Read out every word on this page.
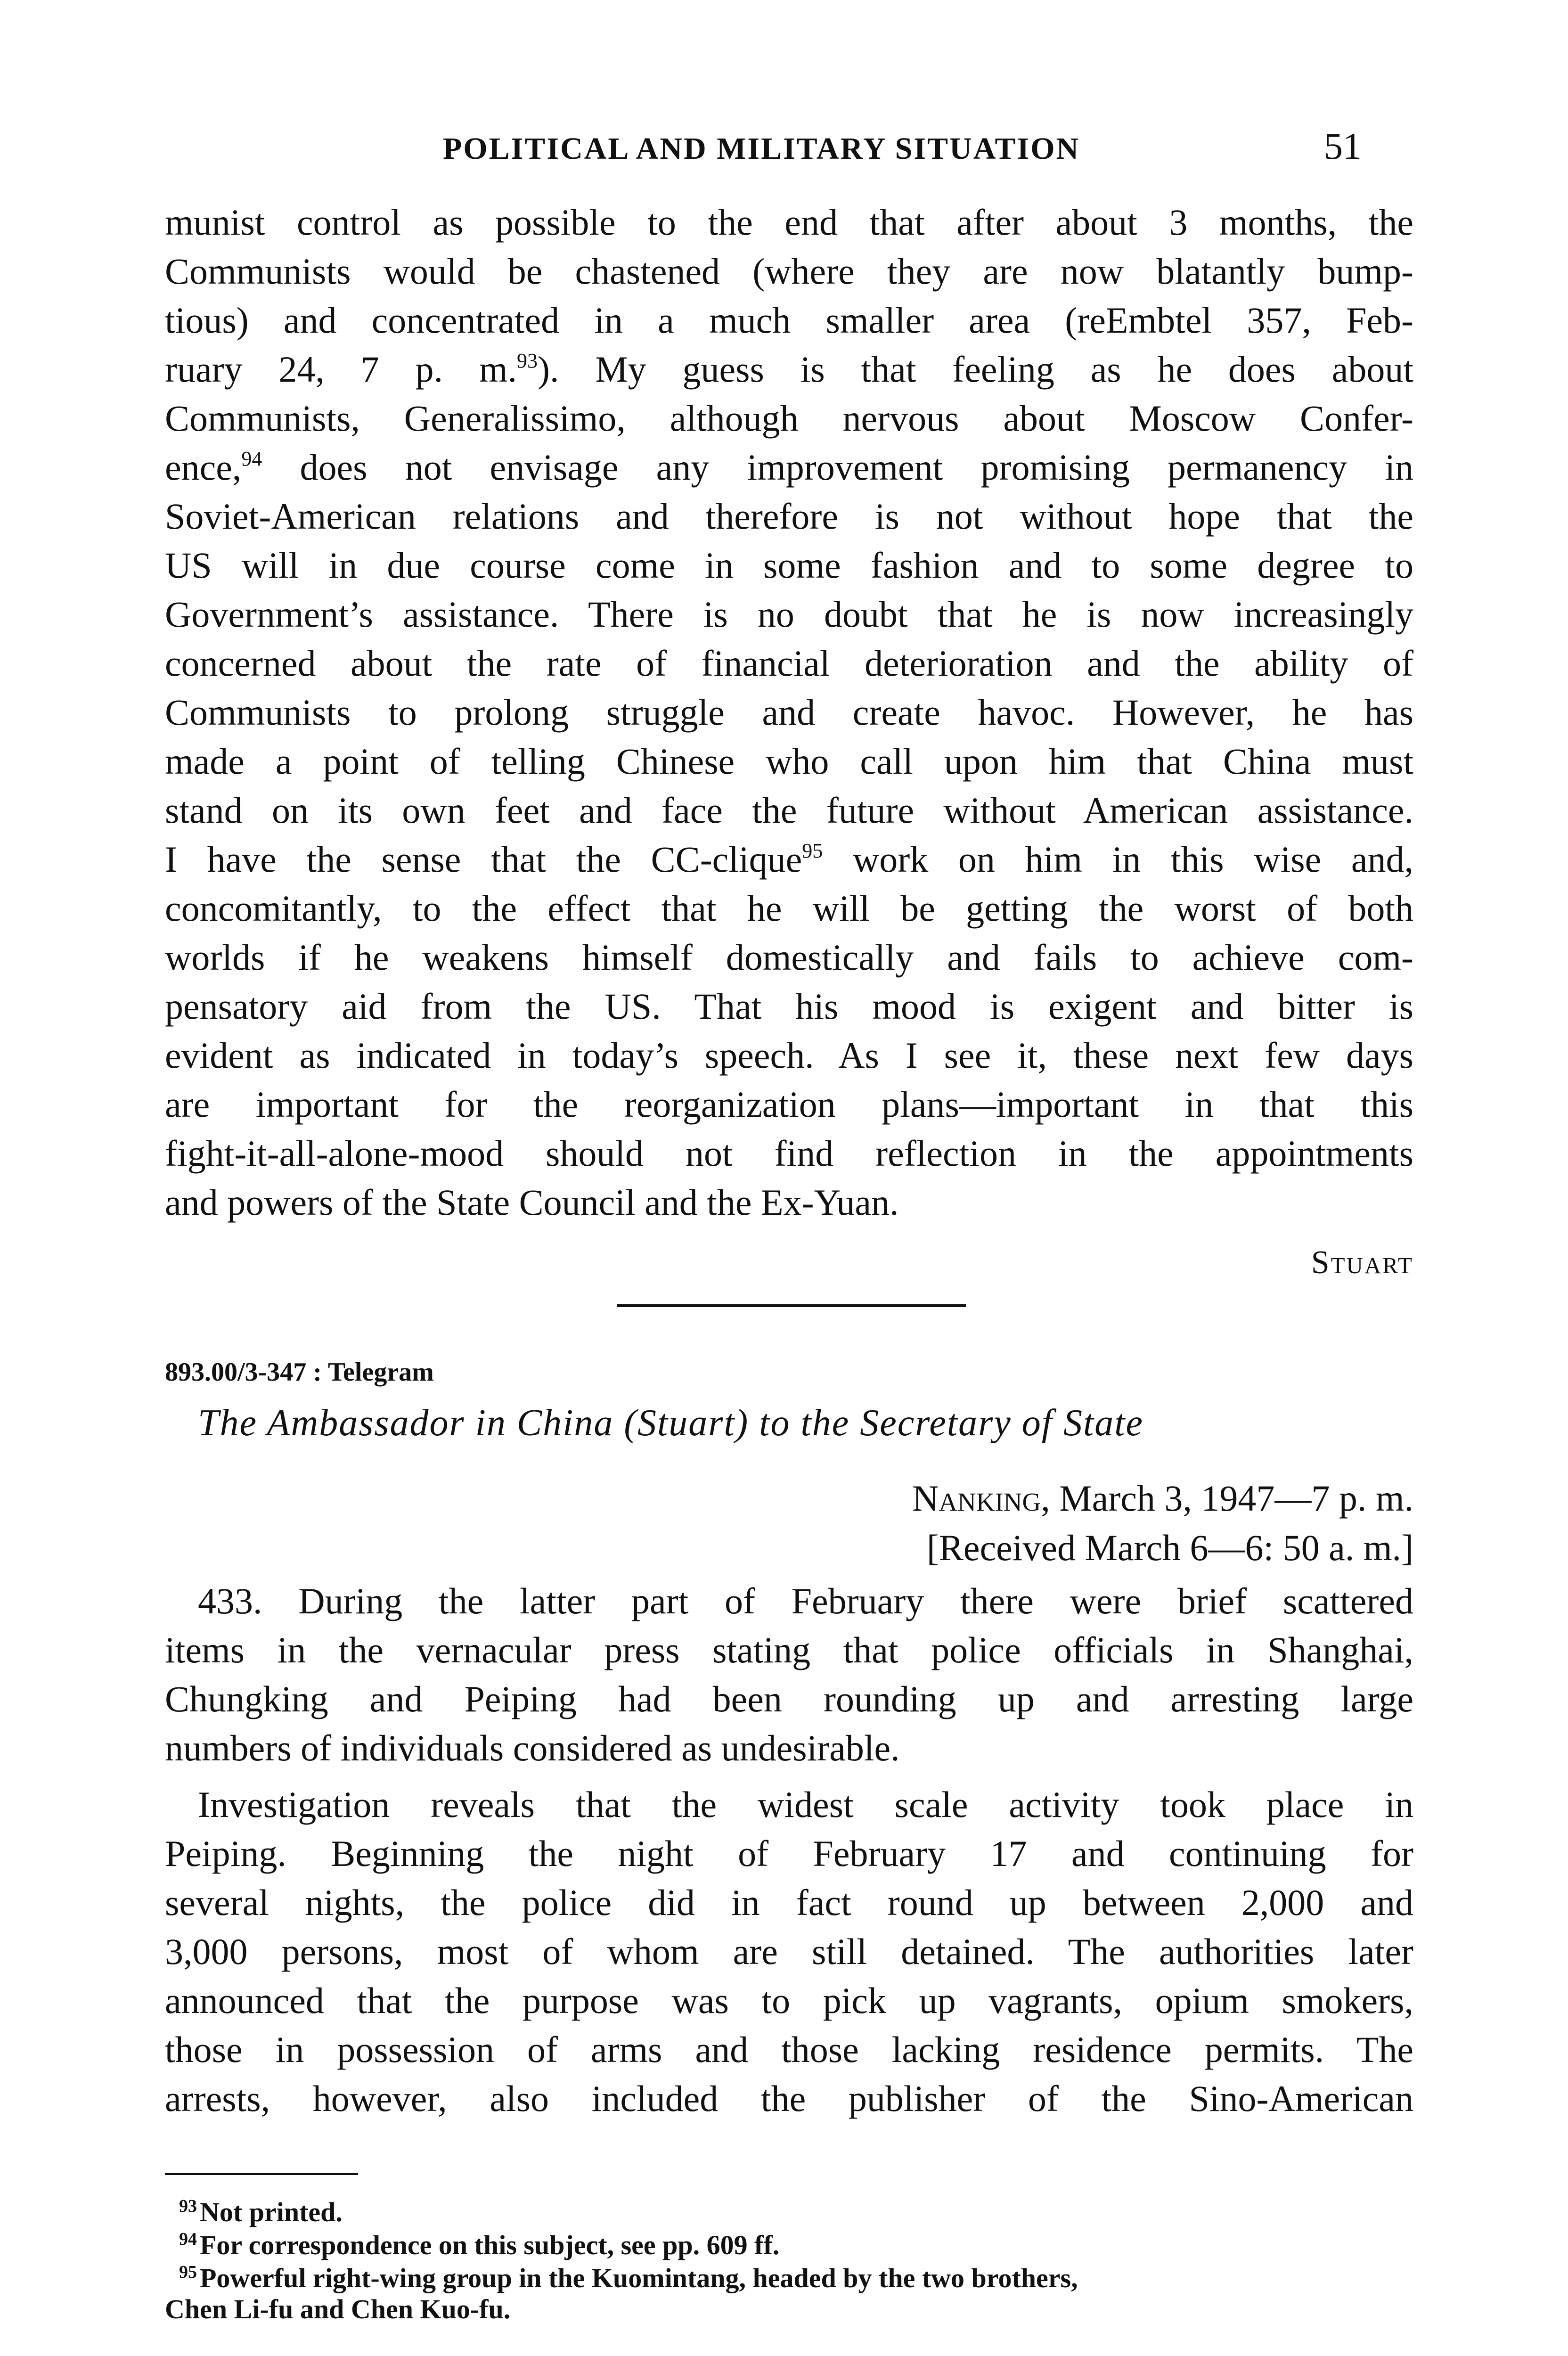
POLITICAL AND MILITARY SITUATION	51
munist control as possible to the end that after about 3 months, the
Communists would be chastened (where they are now blatantly bump-
tious) and concentrated in a much smaller area (reEmbtel 357, Feb-
ruary 24, 7 p. m.$^{93}$). My guess is that feeling as he does about
Communists, Generalissimo, although nervous about Moscow Confer-
ence,$^{94}$ does not envisage any improvement promising permanency in
Soviet-American relations and therefore is not without hope that the
US will in due course come in some fashion and to some degree to
Government’s assistance. There is no doubt that he is now increasingly
concerned about the rate of financial deterioration and the ability of
Communists to prolong struggle and create havoc. However, he has
made a point of telling Chinese who call upon him that China must
stand on its own feet and face the future without American assistance.
I have the sense that the CC-clique$^{95}$ work on him in this wise and,
concomitantly, to the effect that he will be getting the worst of both
worlds if he weakens himself domestically and fails to achieve com-
pensatory aid from the US. That his mood is exigent and bitter is
evident as indicated in today’s speech. As I see it, these next few days
are important for the reorganization plans—important in that this
fight-it-all-alone-mood should not find reflection in the appointments
and powers of the State Council and the Ex-Yuan.
Stuart
893.00/3-347 : Telegram
The Ambassador in China (Stuart) to the Secretary of State
Nanking, March 3, 1947—7 p. m.
[Received March 6—6: 50 a. m.]
433. During the latter part of February there were brief scattered
items in the vernacular press stating that police officials in Shanghai,
Chungking and Peiping had been rounding up and arresting large
numbers of individuals considered as undesirable.
Investigation reveals that the widest scale activity took place in
Peiping. Beginning the night of February 17 and continuing for
several nights, the police did in fact round up between 2,000 and
3,000 persons, most of whom are still detained. The authorities later
announced that the purpose was to pick up vagrants, opium smokers,
those in possession of arms and those lacking residence permits. The
arrests, however, also included the publisher of the Sino-American
$^{93}$ Not printed.
$^{94}$ For correspondence on this subject, see pp. 609 ff.
$^{95}$ Powerful right-wing group in the Kuomintang, headed by the two brothers,
Chen Li-fu and Chen Kuo-fu.
